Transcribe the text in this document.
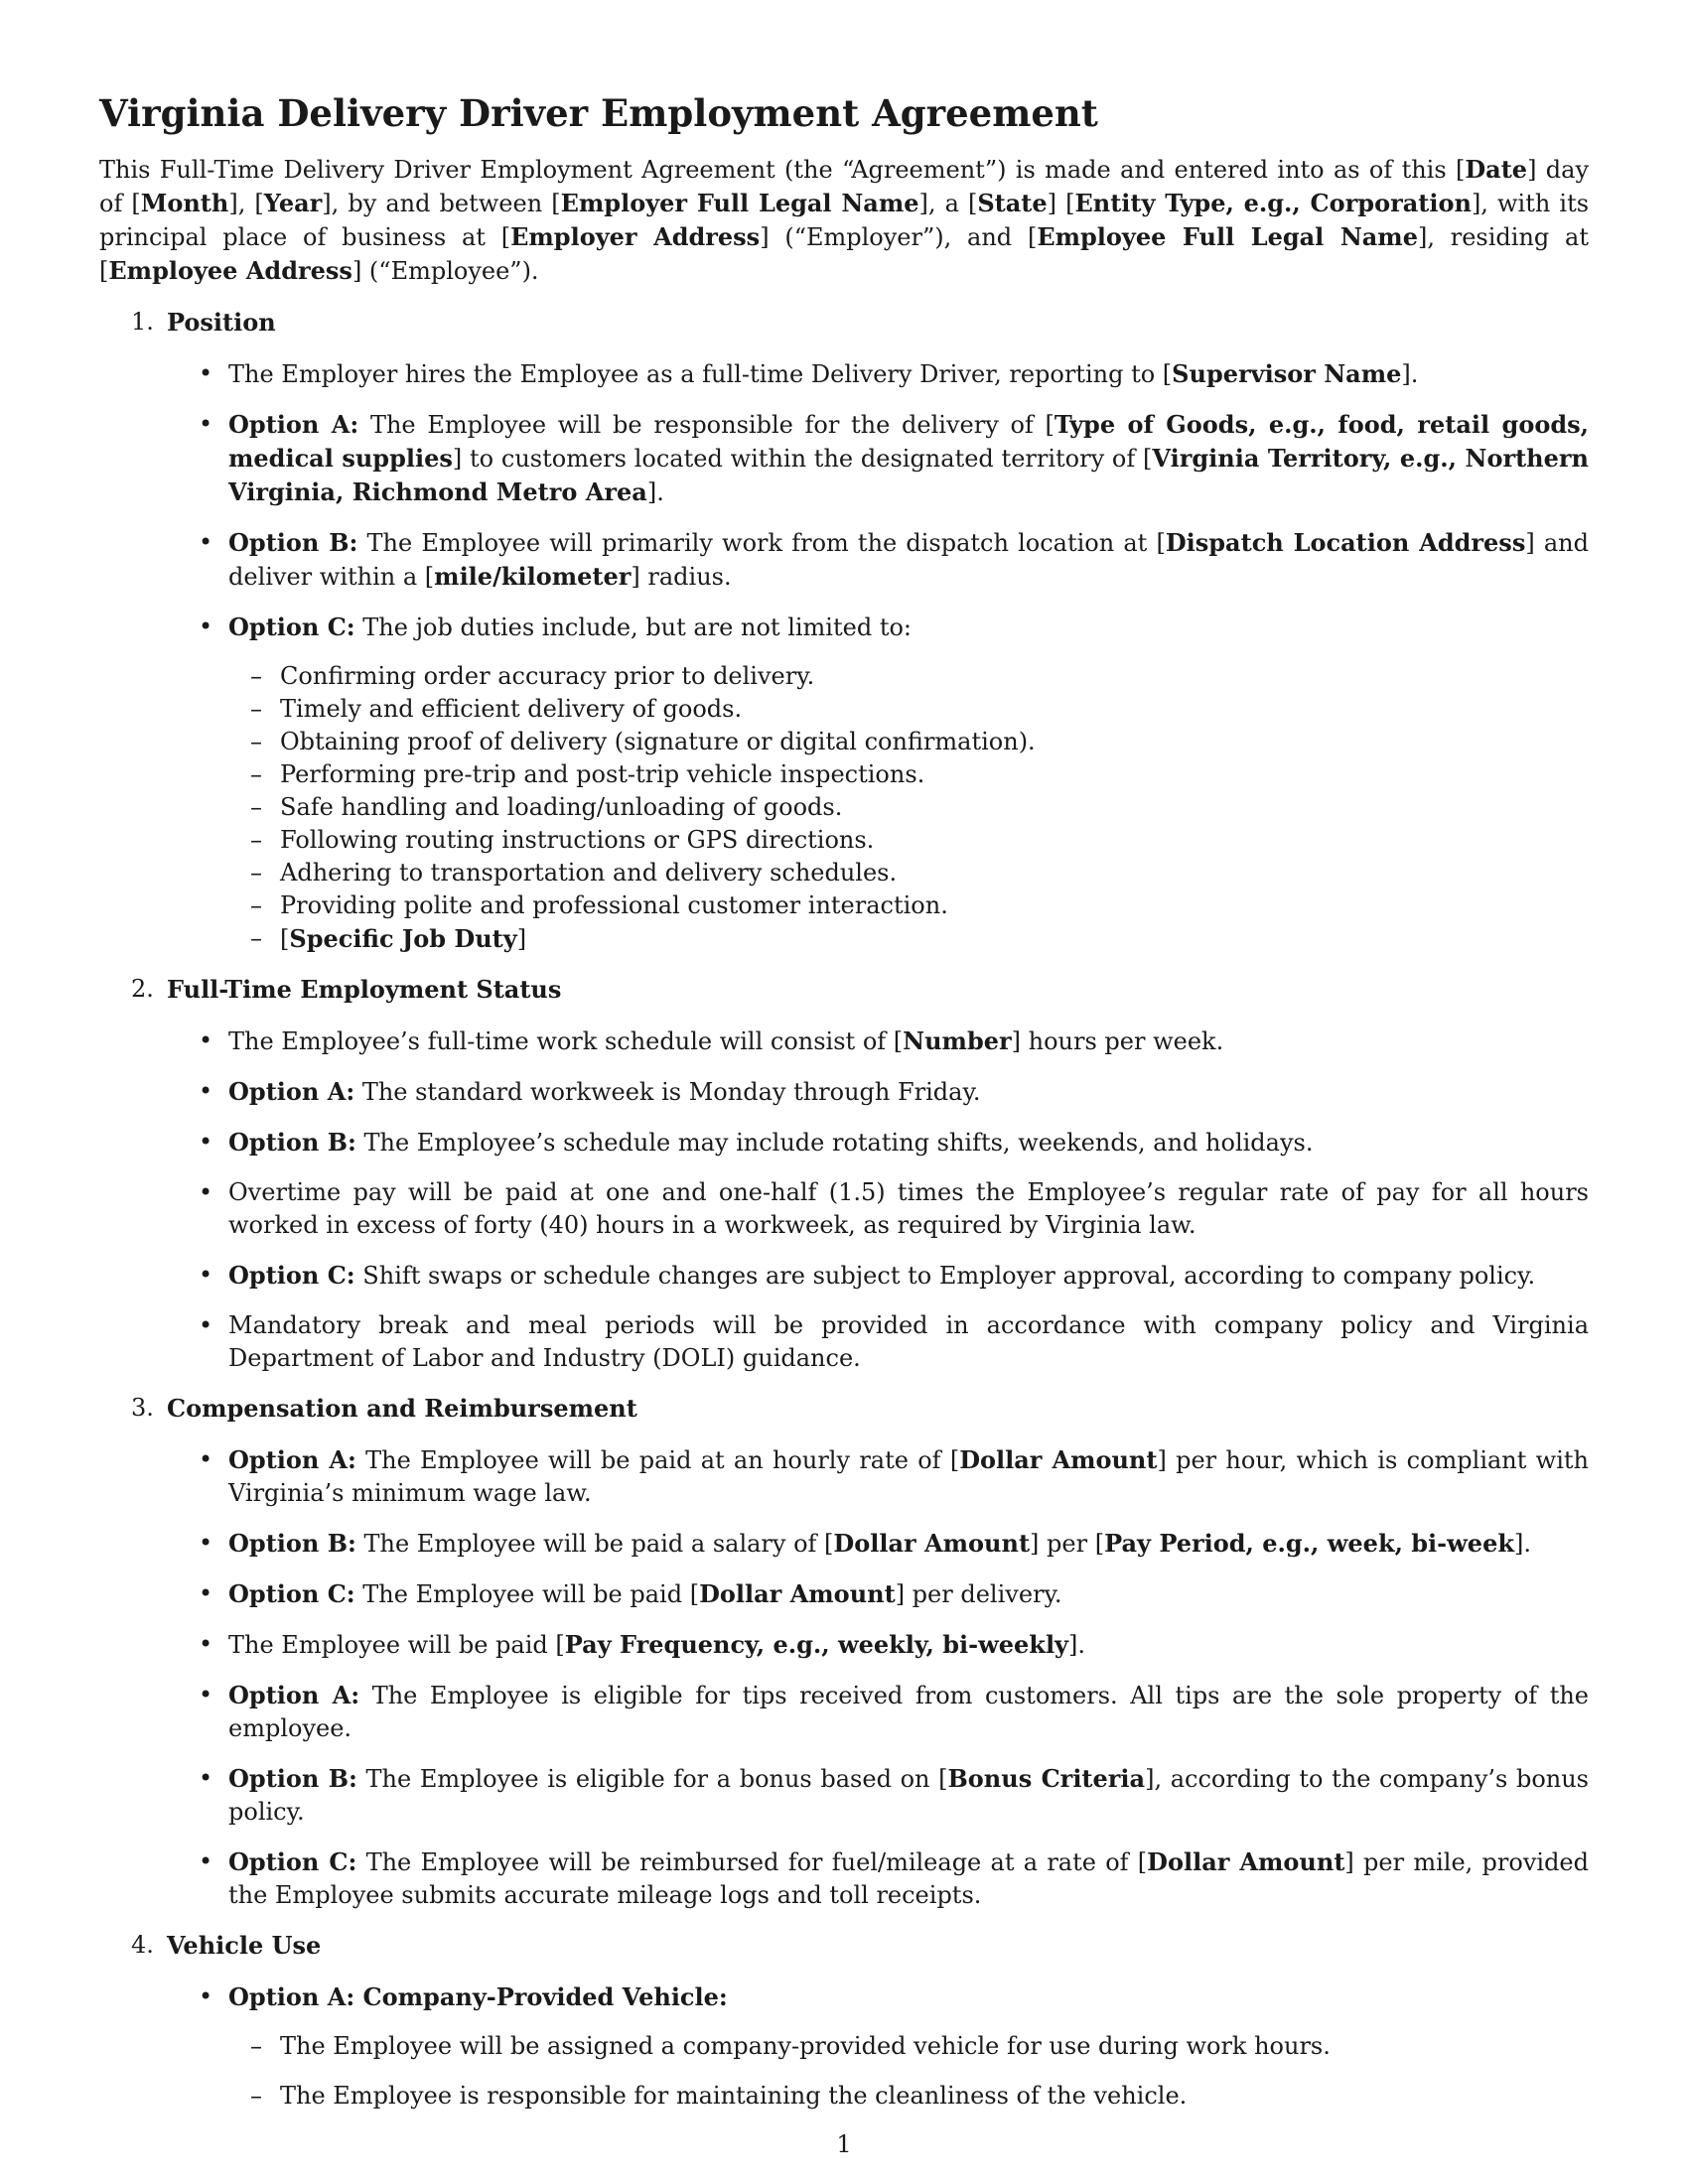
Virginia Delivery Driver Employment Agreement

This Full-Time Delivery Driver Employment Agreement (the “Agreement”) is made and entered into as of this [Date] day of [Month], [Year], by and between [Employer Full Legal Name], a [State] [Entity Type, e.g., Corporation], with its principal place of business at [Employer Address] (“Employer”), and [Employee Full Legal Name], residing at [Employee Address] (“Employee”).

1. Position
• The Employer hires the Employee as a full-time Delivery Driver, reporting to [Supervisor Name].
• Option A: The Employee will be responsible for the delivery of [Type of Goods, e.g., food, retail goods, medical supplies] to customers located within the designated territory of [Virginia Territory, e.g., Northern Virginia, Richmond Metro Area].
• Option B: The Employee will primarily work from the dispatch location at [Dispatch Location Address] and deliver within a [mile/kilometer] radius.
• Option C: The job duties include, but are not limited to:
– Confirming order accuracy prior to delivery.
– Timely and efficient delivery of goods.
– Obtaining proof of delivery (signature or digital confirmation).
– Performing pre-trip and post-trip vehicle inspections.
– Safe handling and loading/unloading of goods.
– Following routing instructions or GPS directions.
– Adhering to transportation and delivery schedules.
– Providing polite and professional customer interaction.
– [Specific Job Duty]
2. Full-Time Employment Status
• The Employee’s full-time work schedule will consist of [Number] hours per week.
• Option A: The standard workweek is Monday through Friday.
• Option B: The Employee’s schedule may include rotating shifts, weekends, and holidays.
• Overtime pay will be paid at one and one-half (1.5) times the Employee’s regular rate of pay for all hours worked in excess of forty (40) hours in a workweek, as required by Virginia law.
• Option C: Shift swaps or schedule changes are subject to Employer approval, according to company policy.
• Mandatory break and meal periods will be provided in accordance with company policy and Virginia Department of Labor and Industry (DOLI) guidance.
3. Compensation and Reimbursement
• Option A: The Employee will be paid at an hourly rate of [Dollar Amount] per hour, which is compliant with Virginia’s minimum wage law.
• Option B: The Employee will be paid a salary of [Dollar Amount] per [Pay Period, e.g., week, bi-week].
• Option C: The Employee will be paid [Dollar Amount] per delivery.
• The Employee will be paid [Pay Frequency, e.g., weekly, bi-weekly].
• Option A: The Employee is eligible for tips received from customers. All tips are the sole property of the employee.
• Option B: The Employee is eligible for a bonus based on [Bonus Criteria], according to the company’s bonus policy.
• Option C: The Employee will be reimbursed for fuel/mileage at a rate of [Dollar Amount] per mile, provided the Employee submits accurate mileage logs and toll receipts.
4. Vehicle Use
• Option A: Company-Provided Vehicle:
– The Employee will be assigned a company-provided vehicle for use during work hours.
– The Employee is responsible for maintaining the cleanliness of the vehicle.
1
